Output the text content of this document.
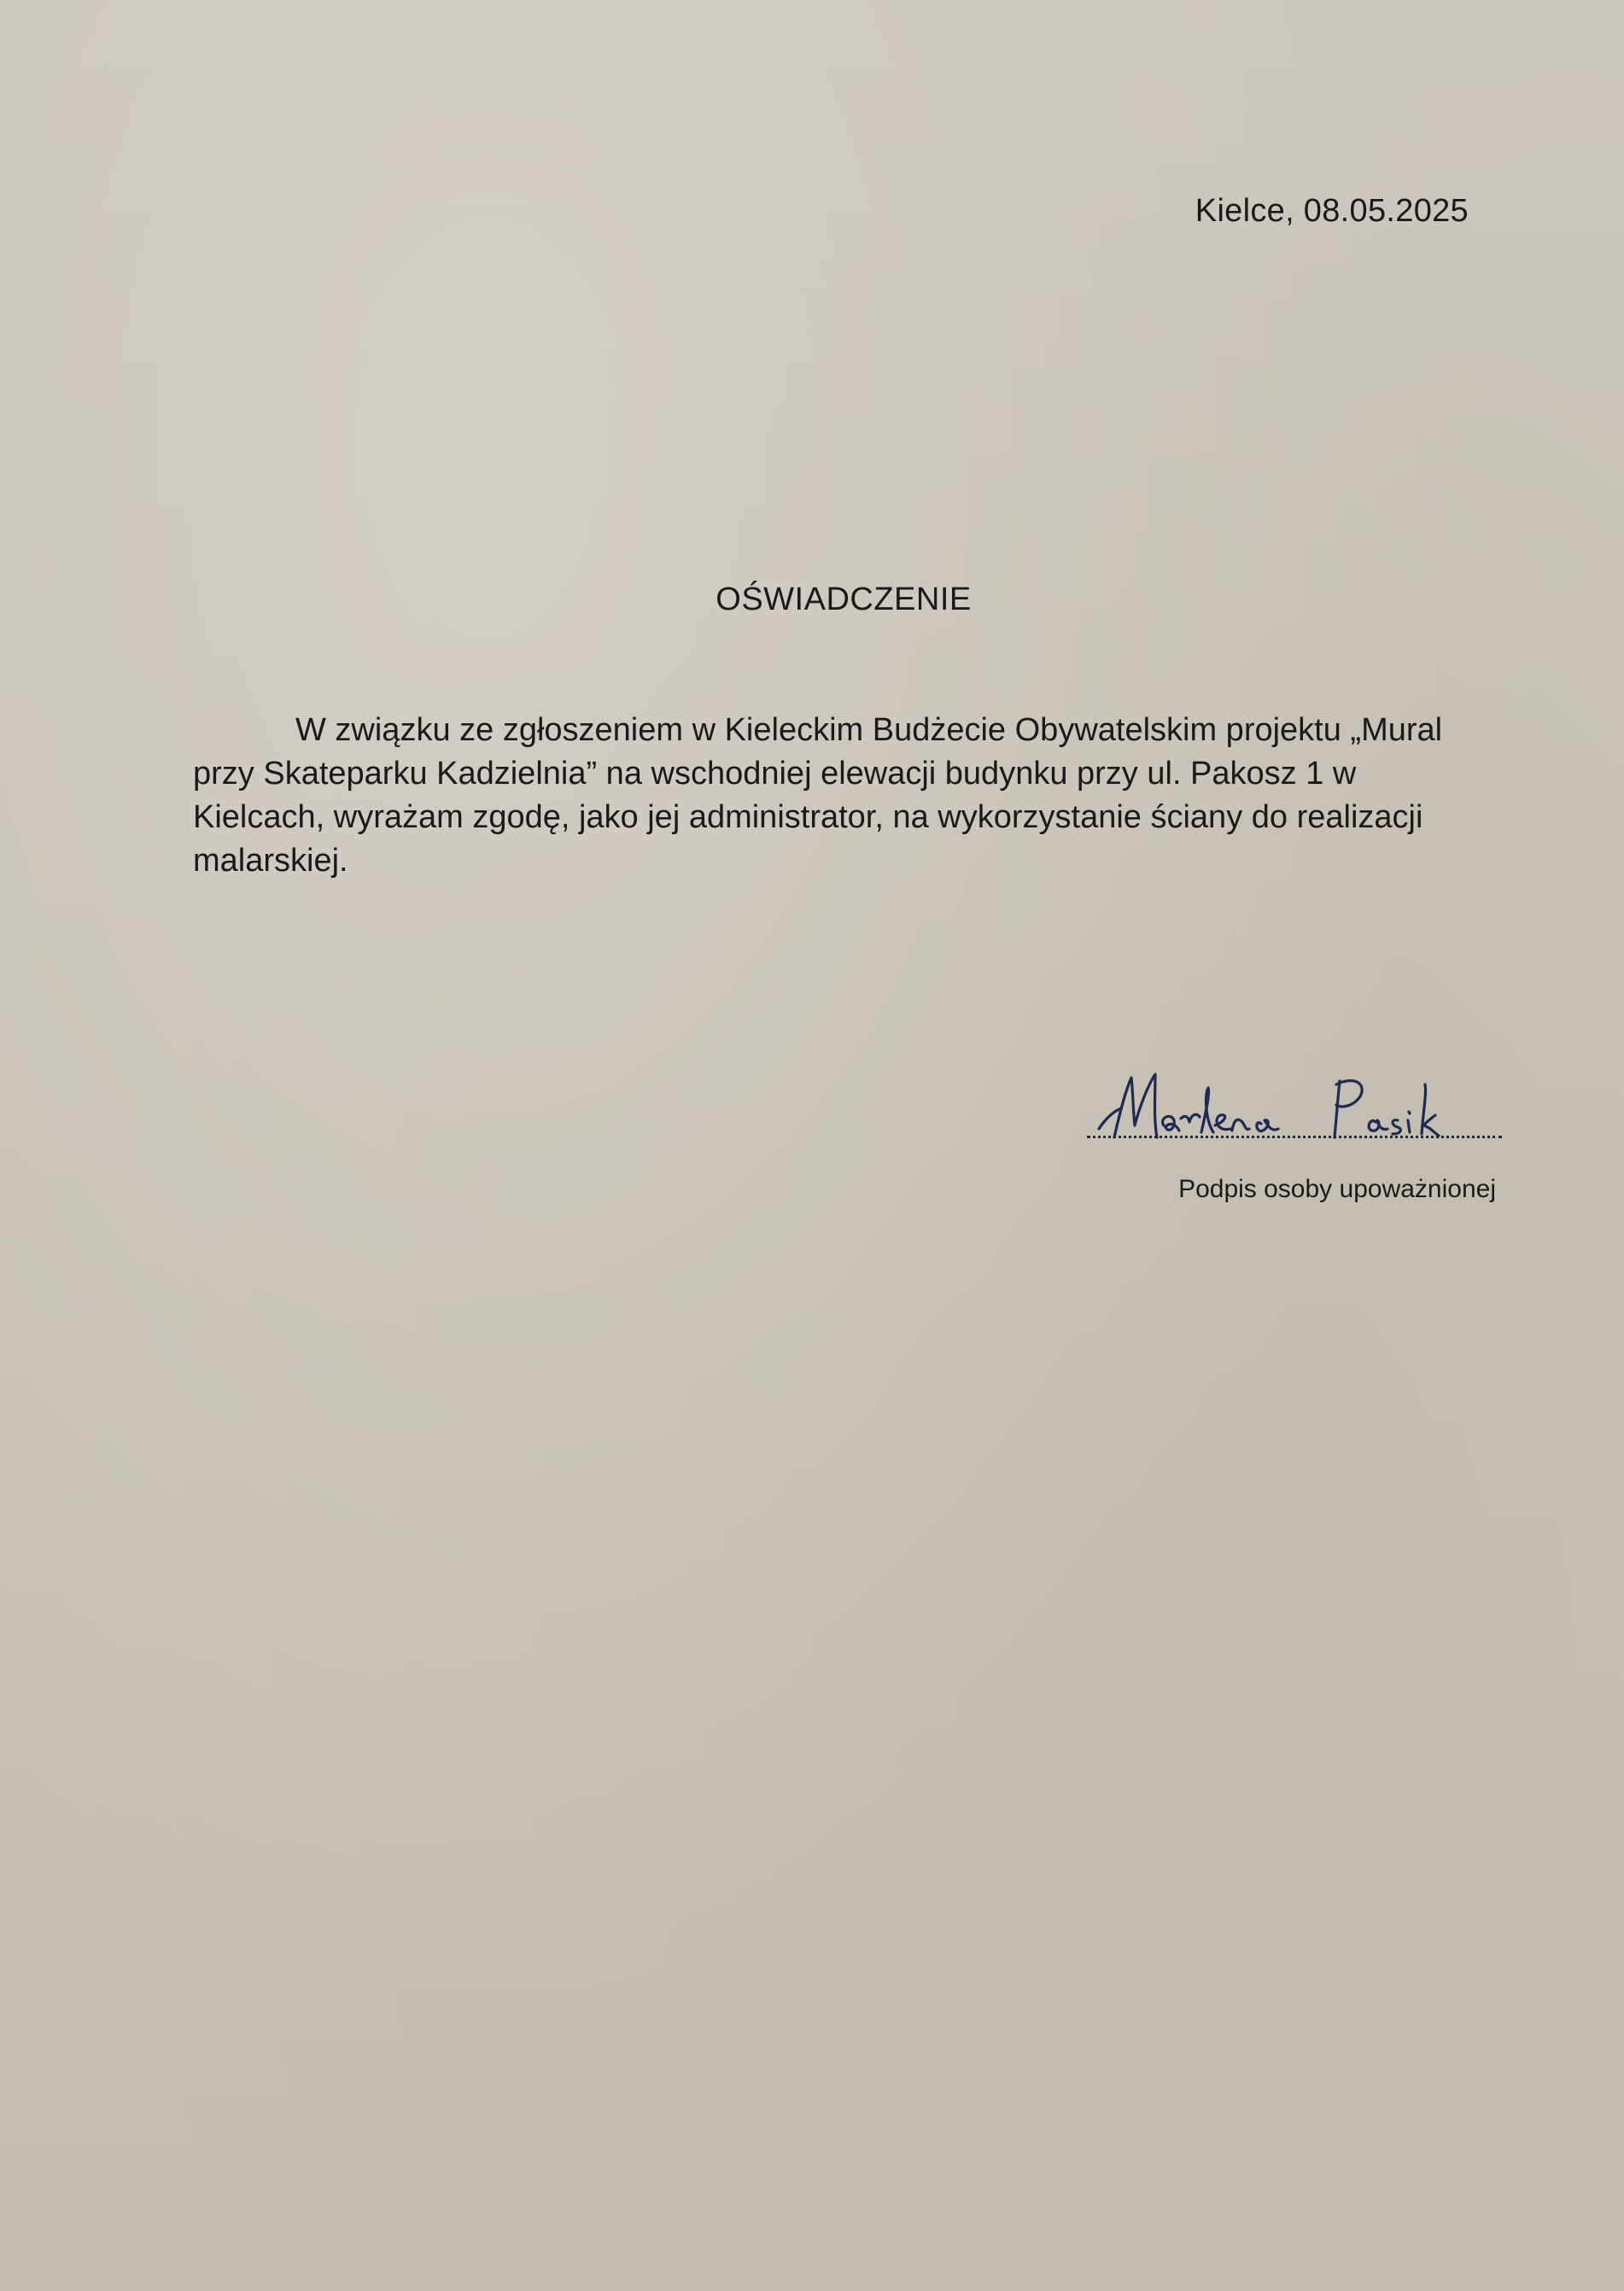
Kielce, 08.05.2025
OŚWIADCZENIE

W związku ze zgłoszeniem w Kieleckim Budżecie Obywatelskim projektu „Mural przy Skateparku Kadzielnia” na wschodniej elewacji budynku przy ul. Pakosz 1 w Kielcach, wyrażam zgodę, jako jej administrator, na wykorzystanie ściany do realizacji malarskiej.

Podpis osoby upoważnionej
